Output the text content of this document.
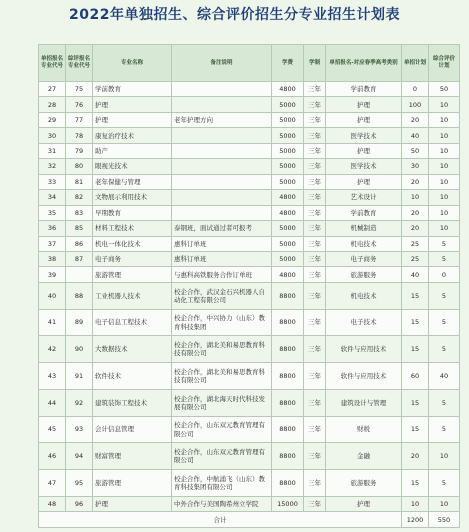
2022年单独招生、综合评价招生分专业招生计划表
单招报名专业代号	综评报名专业代号	专业名称	备注说明	学费	学制	单招报名-对应春季高考类别	单招计划	综合评价计划
27	75	学前教育		4800	三年	学前教育	0	50
28	76	护理		5000	三年	护理	100	10
29	77	护理	老年护理方向	5000	三年	护理	20	10
30	78	康复治疗技术		5000	三年	医学技术	40	10
31	79	助产		5000	三年	护理	50	10
32	80	眼视光技术		5000	三年	医学技术	30	10
33	81	老年保健与管理		5000	三年	护理	20	10
34	82	文物展示利用技术		4800	三年	艺术设计	10	10
35	83	早期教育		4800	三年	学前教育	20	10
36	85	材料工程技术	泰钢班，面试通过者可报考	5000	三年	机械制造	20	10
37	86	机电一体化技术	惠科订单班	5000	三年	机电技术	25	5
38	87	电子商务	惠科订单班	5000	三年	电子商务	25	5
39		旅游管理	与惠科高铁服务合作订单班	4800	三年	旅游服务	40	0
40	88	工业机器人技术	校企合作，武汉金石兴机器人自动化工程有限公司	8800	三年	机电技术	15	5
41	89	电子信息工程技术	校企合作，中兴协力（山东）教育科技集团	8800	三年	电子技术	15	5
42	90	大数据技术	校企合作，湖北美和易思教育科技有限公司	8800	三年	软件与应用技术	15	5
43	91	软件技术	校企合作，湖北美和易思教育科技有限公司	8800	三年	软件与应用技术	60	40
44	92	建筑装饰工程技术	校企合作，湖北海天时代科技发展有限公司	8800	三年	建筑设计与管理	15	5
45	93	会计信息管理	校企合作，山东双元教育管理有限公司	8800	三年	财税	15	5
46	94	财富管理	校企合作，山东双元教育管理有限公司	8800	三年	金融	20	10
47	95	旅游管理	校企合作，中航涌飞（山东）教育科技集团有限公司	8800	三年	旅游服务	15	5
48	96	护理	中外合作与美国陶希州立学院	15000	三年	护理	10	10
合计							1200	550
